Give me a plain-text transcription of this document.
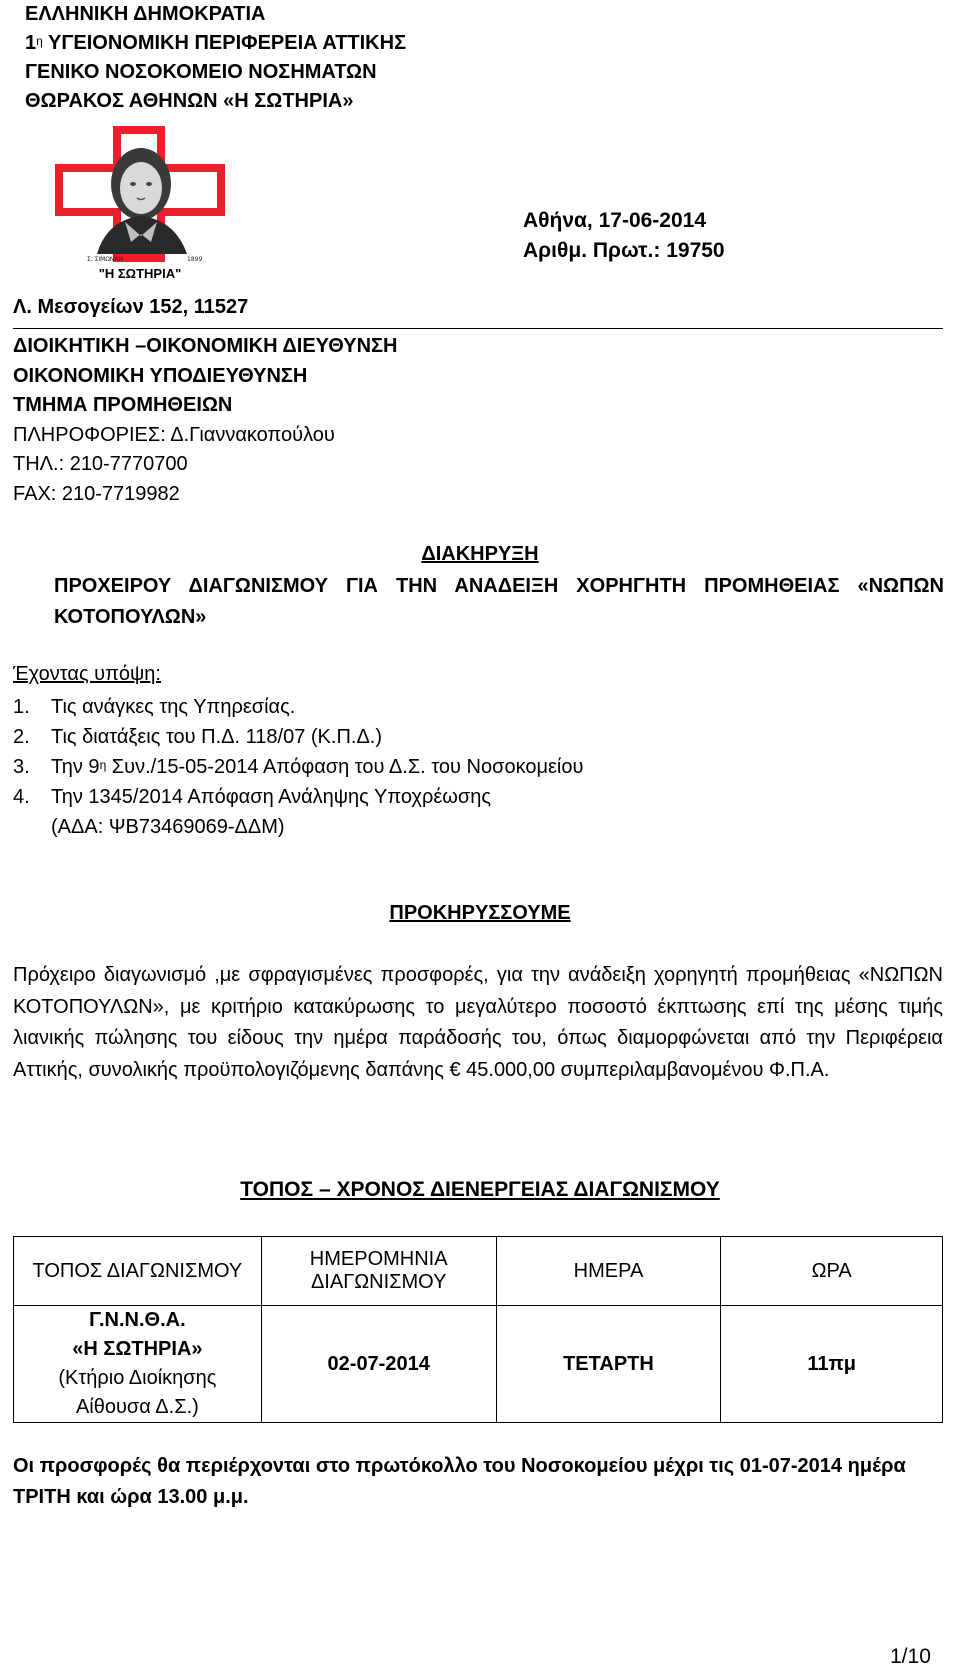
ΕΛΛΗΝΙΚΗ ΔΗΜΟΚΡΑΤΙΑ
$1^\eta$ ΥΓΕΙΟΝΟΜΙΚΗ ΠΕΡΙΦΕΡΕΙΑ ΑΤΤΙΚΗΣ
ΓΕΝΙΚΟ ΝΟΣΟΚΟΜΕΙΟ ΝΟΣΗΜΑΤΩΝ
ΘΩΡΑΚΟΣ ΑΘΗΝΩΝ «Η ΣΩΤΗΡΙΑ»
Σ. ΣΙΜΩΝΑΝ	1899
"Η ΣΩΤΗΡΙΑ"
Αθήνα, 17-06-2014
Αριθμ. Πρωτ.: 19750
Λ. Μεσογείων 152, 11527
ΔΙΟΙΚΗΤΙΚΗ –ΟΙΚΟΝΟΜΙΚΗ ΔΙΕΥΘΥΝΣΗ
ΟΙΚΟΝΟΜΙΚΗ ΥΠΟΔΙΕΥΘΥΝΣΗ
ΤΜΗΜΑ ΠΡΟΜΗΘΕΙΩΝ
ΠΛΗΡΟΦΟΡΙΕΣ: Δ.Γιαννακοπούλου
ΤΗΛ.: 210-7770700
FAX: 210-7719982
ΔΙΑΚΗΡΥΞΗ
ΠΡΟΧΕΙΡΟΥ ΔΙΑΓΩΝΙΣΜΟΥ ΓΙΑ ΤΗΝ ΑΝΑΔΕΙΞΗ ΧΟΡΗΓΗΤΗ ΠΡΟΜΗΘΕΙΑΣ «ΝΩΠΩΝ ΚΟΤΟΠΟΥΛΩΝ»
Έχοντας υπόψη:
1.	Τις ανάγκες της Υπηρεσίας.
2.	Τις διατάξεις του Π.Δ. 118/07 (Κ.Π.Δ.)
3.	Την $9^\eta$ Συν./15-05-2014 Απόφαση του Δ.Σ. του Νοσοκομείου
4.	Την 1345/2014 Απόφαση Ανάληψης Υποχρέωσης
(ΑΔΑ: ΨΒ73469069-ΔΔΜ)
ΠΡΟΚΗΡΥΣΣΟΥΜΕ
Πρόχειρο διαγωνισμό ,με σφραγισμένες προσφορές, για την ανάδειξη χορηγητή προμήθειας «ΝΩΠΩΝ ΚΟΤΟΠΟΥΛΩΝ», με κριτήριο κατακύρωσης το μεγαλύτερο ποσοστό έκπτωσης επί της μέσης τιμής λιανικής πώλησης του είδους την ημέρα παράδοσής του, όπως διαμορφώνεται από την Περιφέρεια Αττικής, συνολικής προϋπολογιζόμενης δαπάνης € 45.000,00 συμπεριλαμβανομένου Φ.Π.Α.
ΤΟΠΟΣ – ΧΡΟΝΟΣ ΔΙΕΝΕΡΓΕΙΑΣ ΔΙΑΓΩΝΙΣΜΟΥ
ΤΟΠΟΣ ΔΙΑΓΩΝΙΣΜΟΥ	ΗΜΕΡΟΜΗΝΙΑ
ΔΙΑΓΩΝΙΣΜΟΥ	ΗΜΕΡΑ	ΩΡΑ
Γ.Ν.Ν.Θ.Α.
«Η ΣΩΤΗΡΙΑ»
(Κτήριο Διοίκησης
Αίθουσα Δ.Σ.)	02-07-2014	ΤΕΤΑΡΤΗ	11πμ
Οι προσφορές θα περιέρχονται στο πρωτόκολλο του Νοσοκομείου μέχρι τις 01-07-2014 ημέρα ΤΡΙΤΗ και ώρα 13.00 μ.μ.
1/10
